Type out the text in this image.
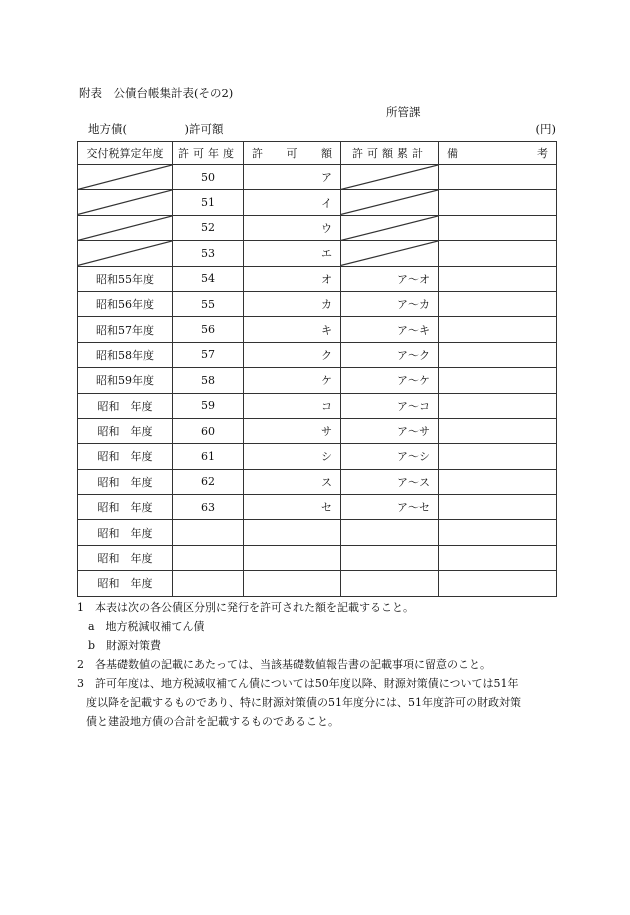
附表　公債台帳集計表(その2)
所管課
地方債(　　　　　)許可額	(円)
交付税算定年度	許可年度	許 可 額	許可額累計	備 考

	50	ア	

	51	イ	

	52	ウ	

	53	エ	

昭和55年度	54	オ	ア～オ	
昭和56年度	55	カ	ア～カ	
昭和57年度	56	キ	ア～キ	
昭和58年度	57	ク	ア～ク	
昭和59年度	58	ケ	ア～ケ	
昭和　年度	59	コ	ア～コ	
昭和　年度	60	サ	ア～サ	
昭和　年度	61	シ	ア～シ	
昭和　年度	62	ス	ア～ス	
昭和　年度	63	セ	ア～セ	
昭和　年度				
昭和　年度				
昭和　年度				
1　本表は次の各公債区分別に発行を許可された額を記載すること。
a　地方税減収補てん債
b　財源対策費
2　各基礎数値の記載にあたっては、当該基礎数値報告書の記載事項に留意のこと。
3　許可年度は、地方税減収補てん債については50年度以降、財源対策債については51年
度以降を記載するものであり、特に財源対策債の51年度分には、51年度許可の財政対策
債と建設地方債の合計を記載するものであること。
